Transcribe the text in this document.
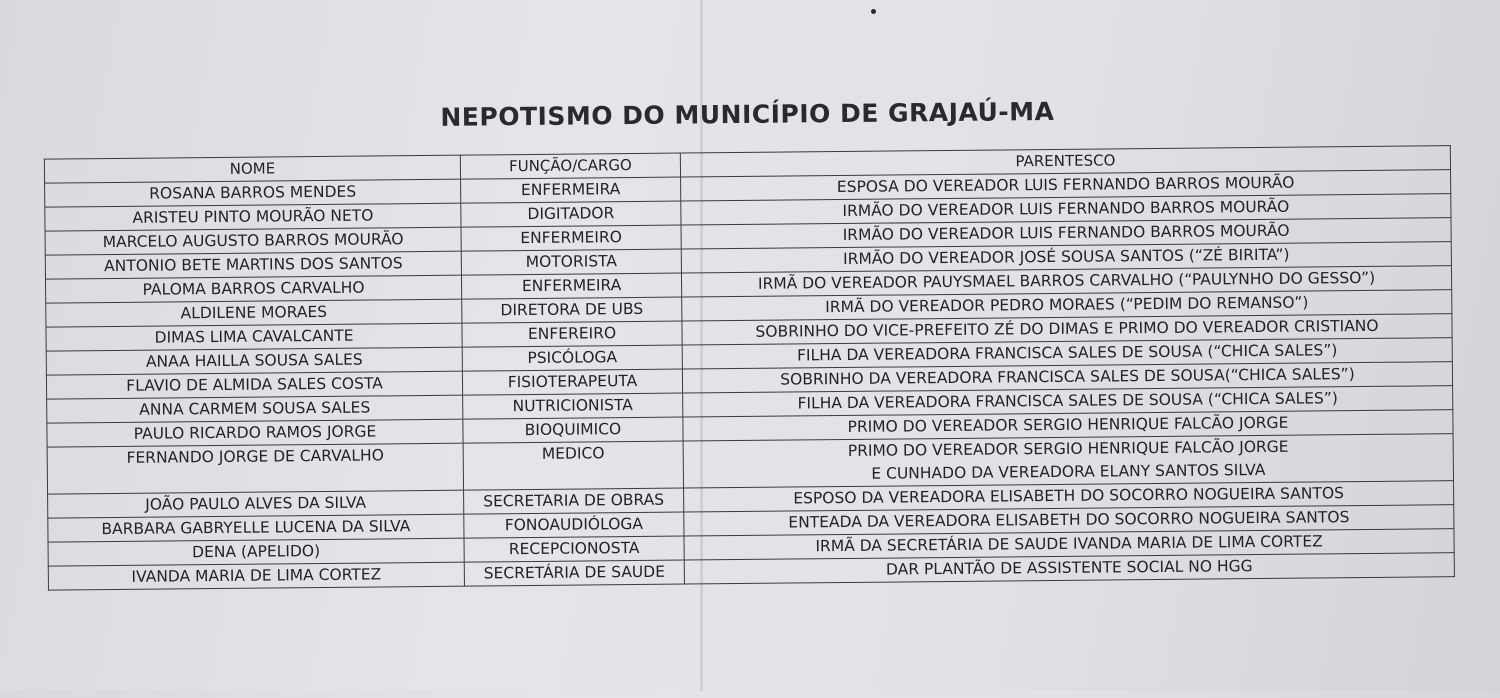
NEPOTISMO DO MUNICÍPIO DE GRAJAÚ-MA
NOME	FUNÇÃO/CARGO	PARENTESCO
ROSANA BARROS MENDES	ENFERMEIRA	ESPOSA DO VEREADOR LUIS FERNANDO BARROS MOURÃO

ARISTEU PINTO MOURÃO NETO	DIGITADOR	IRMÃO DO VEREADOR LUIS FERNANDO BARROS MOURÃO

MARCELO AUGUSTO BARROS MOURÃO	ENFERMEIRO	IRMÃO DO VEREADOR LUIS FERNANDO BARROS MOURÃO

ANTONIO BETE MARTINS DOS SANTOS	MOTORISTA	IRMÃO DO VEREADOR JOSÉ SOUSA SANTOS (“ZÉ BIRITA”)

PALOMA BARROS CARVALHO	ENFERMEIRA	IRMÃ DO VEREADOR PAUYSMAEL BARROS CARVALHO (“PAULYNHO DO GESSO”)

ALDILENE MORAES	DIRETORA DE UBS	IRMÃ DO VEREADOR PEDRO MORAES (“PEDIM DO REMANSO”)

DIMAS LIMA CAVALCANTE	ENFEREIRO	SOBRINHO DO VICE-PREFEITO ZÉ DO DIMAS E PRIMO DO VEREADOR CRISTIANO

ANAA HAILLA SOUSA SALES	PSICÓLOGA	FILHA DA VEREADORA FRANCISCA SALES DE SOUSA (“CHICA SALES”)

FLAVIO DE ALMIDA SALES COSTA	FISIOTERAPEUTA	SOBRINHO DA VEREADORA FRANCISCA SALES DE SOUSA(“CHICA SALES”)

ANNA CARMEM SOUSA SALES	NUTRICIONISTA	FILHA DA VEREADORA FRANCISCA SALES DE SOUSA (“CHICA SALES”)

PAULO RICARDO RAMOS JORGE	BIOQUIMICO	PRIMO DO VEREADOR SERGIO HENRIQUE FALCÃO JORGE

FERNANDO JORGE DE CARVALHO	MEDICO	PRIMO DO VEREADOR SERGIO HENRIQUE FALCÃO JORGE
E CUNHADO DA VEREADORA ELANY SANTOS SILVA

JOÃO PAULO ALVES DA SILVA	SECRETARIA DE OBRAS	ESPOSO DA VEREADORA ELISABETH DO SOCORRO NOGUEIRA SANTOS

BARBARA GABRYELLE LUCENA DA SILVA	FONOAUDIÓLOGA	ENTEADA DA VEREADORA ELISABETH DO SOCORRO NOGUEIRA SANTOS

DENA (APELIDO)	RECEPCIONOSTA	IRMÃ DA SECRETÁRIA DE SAUDE IVANDA MARIA DE LIMA CORTEZ

IVANDA MARIA DE LIMA CORTEZ	SECRETÁRIA DE SAUDE	DAR PLANTÃO DE ASSISTENTE SOCIAL NO HGG
